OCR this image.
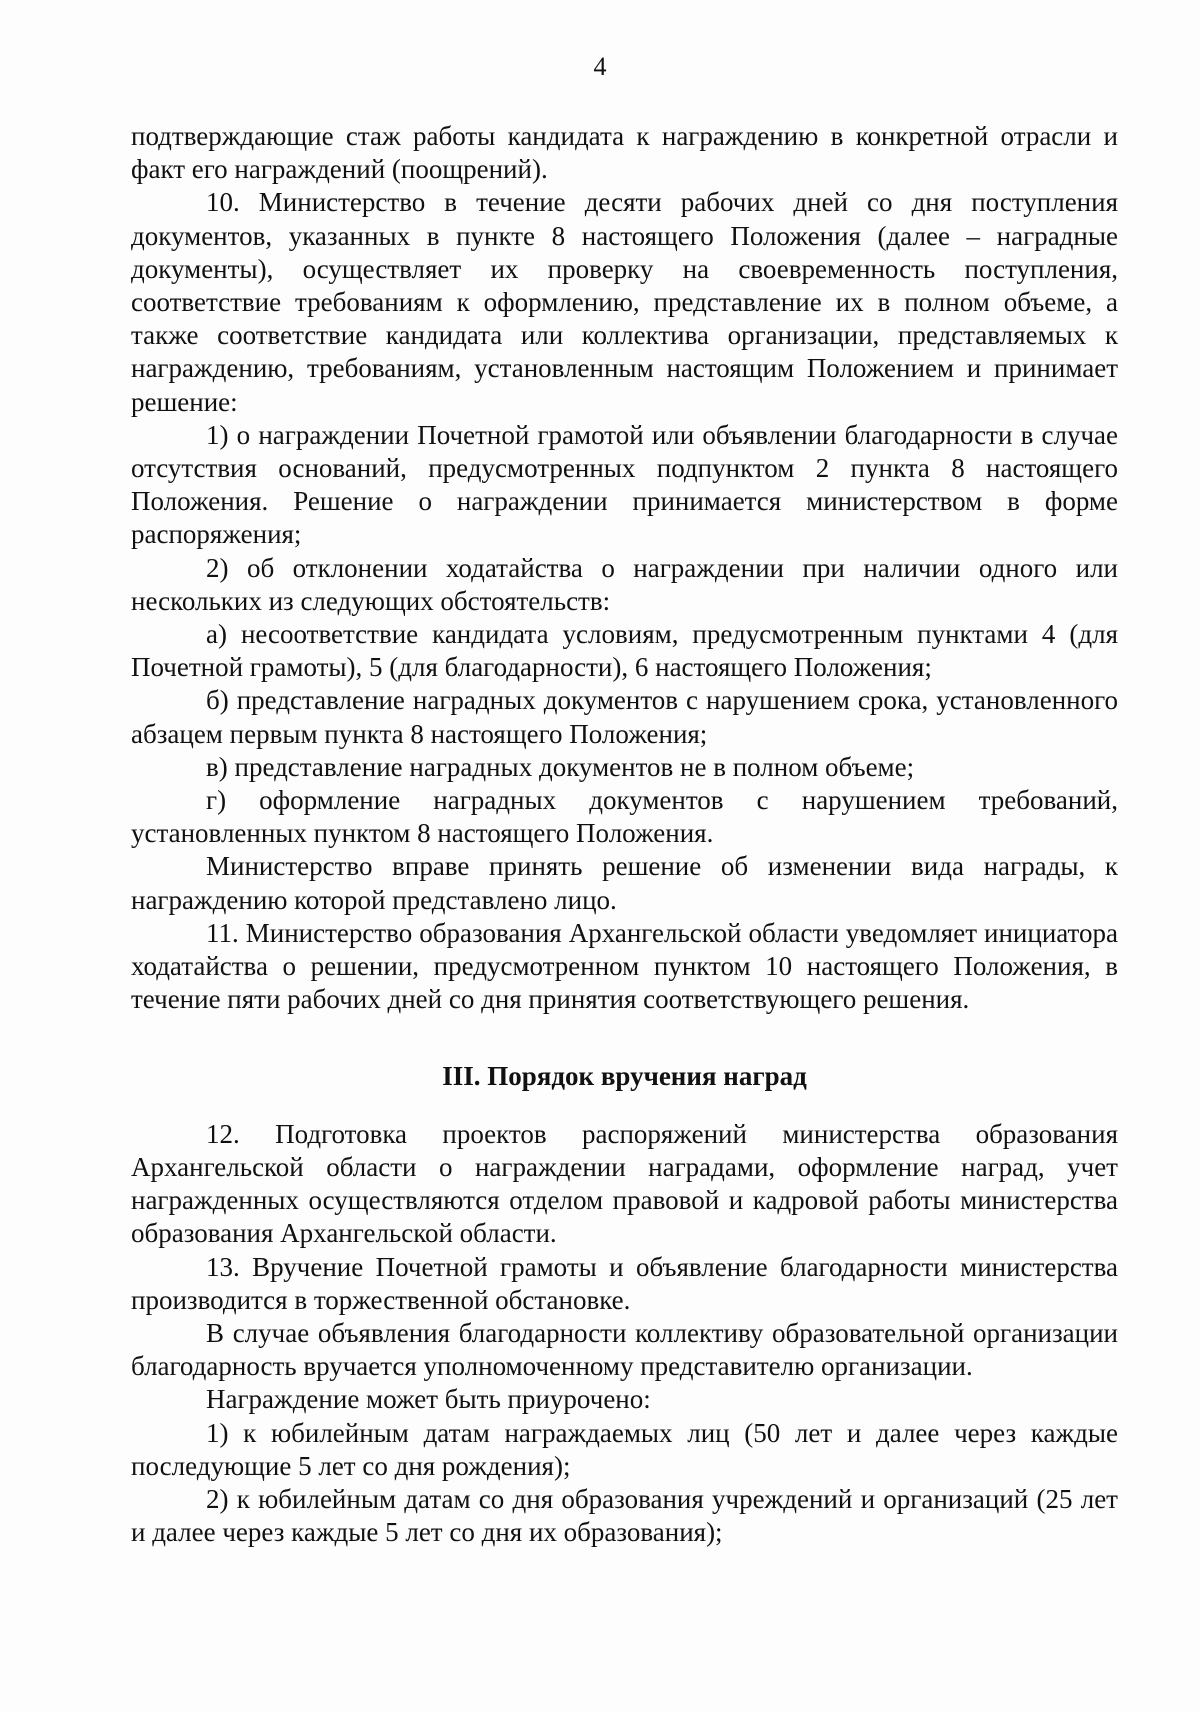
4

подтверждающие стаж работы кандидата к награждению в конкретной отрасли и факт его награждений (поощрений).

10. Министерство в течение десяти рабочих дней со дня поступления документов, указанных в пункте 8 настоящего Положения (далее – наградные документы), осуществляет их проверку на своевременность поступления, соответствие требованиям к оформлению, представление их в полном объеме, а также соответствие кандидата или коллектива организации, представляемых к награждению, требованиям, установленным настоящим Положением и принимает решение:

1) о награждении Почетной грамотой или объявлении благодарности в случае отсутствия оснований, предусмотренных подпунктом 2 пункта 8 настоящего Положения. Решение о награждении принимается министерством в форме распоряжения;

2) об отклонении ходатайства о награждении при наличии одного или нескольких из следующих обстоятельств:

а) несоответствие кандидата условиям, предусмотренным пунктами 4 (для Почетной грамоты), 5 (для благодарности), 6 настоящего Положения;

б) представление наградных документов с нарушением срока, установленного абзацем первым пункта 8 настоящего Положения;

в) представление наградных документов не в полном объеме;

г) оформление наградных документов с нарушением требований, установленных пунктом 8 настоящего Положения.

Министерство вправе принять решение об изменении вида награды, к награждению которой представлено лицо.

11. Министерство образования Архангельской области уведомляет инициатора ходатайства о решении, предусмотренном пунктом 10 настоящего Положения, в течение пяти рабочих дней со дня принятия соответствующего решения.

III. Порядок вручения наград

12. Подготовка проектов распоряжений министерства образования Архангельской области о награждении наградами, оформление наград, учет награжденных осуществляются отделом правовой и кадровой работы министерства образования Архангельской области.

13. Вручение Почетной грамоты и объявление благодарности министерства производится в торжественной обстановке.

В случае объявления благодарности коллективу образовательной организации благодарность вручается уполномоченному представителю организации.

Награждение может быть приурочено:

1) к юбилейным датам награждаемых лиц (50 лет и далее через каждые последующие 5 лет со дня рождения);

2) к юбилейным датам со дня образования учреждений и организаций (25 лет и далее через каждые 5 лет со дня их образования);
